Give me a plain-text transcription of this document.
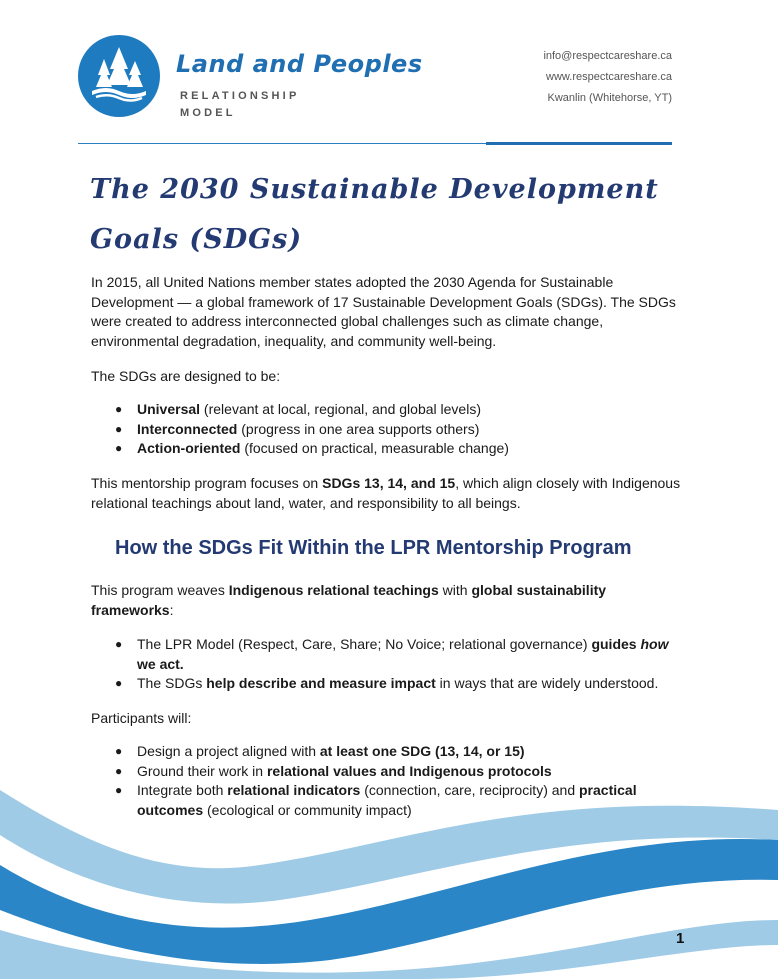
Land and Peoples
RELATIONSHIP MODEL
info@respectcareshare.ca
www.respectcareshare.ca
Kwanlin (Whitehorse, YT)
The 2030 Sustainable Development Goals (SDGs)

In 2015, all United Nations member states adopted the 2030 Agenda for Sustainable Development — a global framework of 17 Sustainable Development Goals (SDGs). The SDGs were created to address interconnected global challenges such as climate change, environmental degradation, inequality, and community well-being.

The SDGs are designed to be:

● Universal (relevant at local, regional, and global levels)
● Interconnected (progress in one area supports others)
● Action-oriented (focused on practical, measurable change)

This mentorship program focuses on SDGs 13, 14, and 15, which align closely with Indigenous relational teachings about land, water, and responsibility to all beings.

How the SDGs Fit Within the LPR Mentorship Program

This program weaves Indigenous relational teachings with global sustainability frameworks:

● The LPR Model (Respect, Care, Share; No Voice; relational governance) guides how we act.
● The SDGs help describe and measure impact in ways that are widely understood.

Participants will:

● Design a project aligned with at least one SDG (13, 14, or 15)
● Ground their work in relational values and Indigenous protocols
● Integrate both relational indicators (connection, care, reciprocity) and practical outcomes (ecological or community impact)
1
